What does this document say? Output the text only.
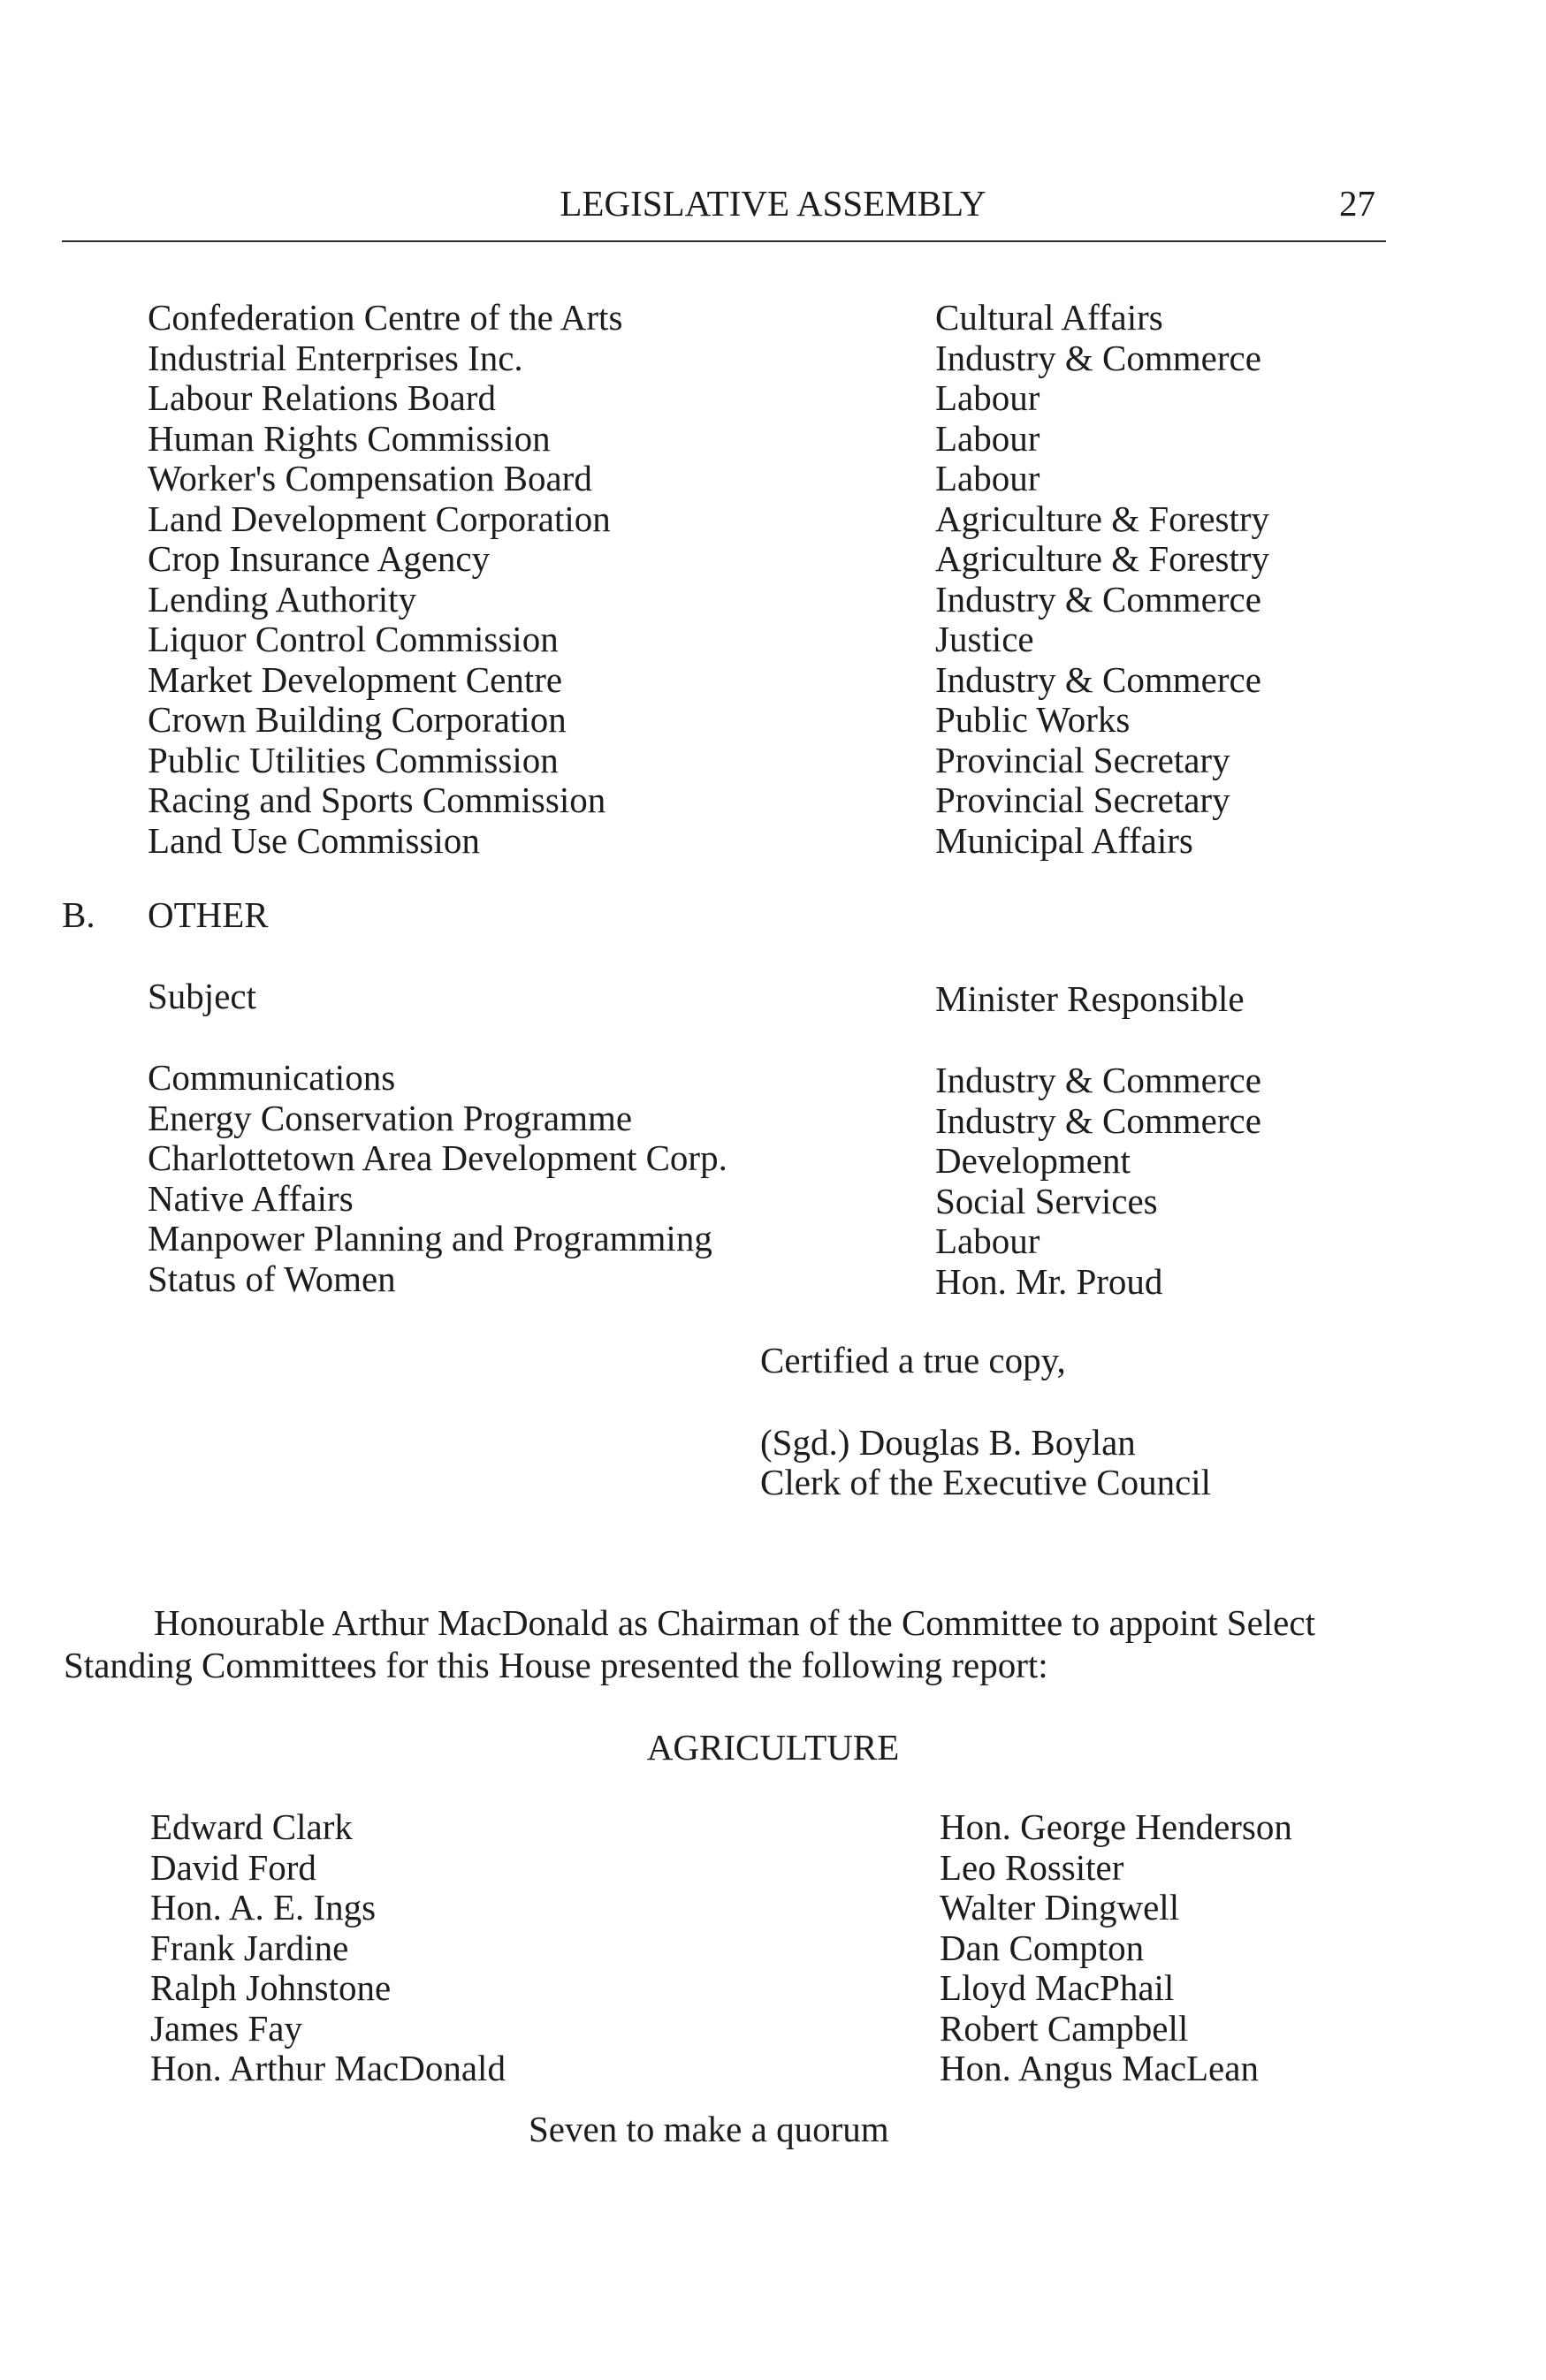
LEGISLATIVE ASSEMBLY	27
Confederation Centre of the Arts
Industrial Enterprises Inc.
Labour Relations Board
Human Rights Commission
Worker's Compensation Board
Land Development Corporation
Crop Insurance Agency
Lending Authority
Liquor Control Commission
Market Development Centre
Crown Building Corporation
Public Utilities Commission
Racing and Sports Commission
Land Use Commission
Cultural Affairs
Industry & Commerce
Labour
Labour
Labour
Agriculture & Forestry
Agriculture & Forestry
Industry & Commerce
Justice
Industry & Commerce
Public Works
Provincial Secretary
Provincial Secretary
Municipal Affairs
B. OTHER
Subject	Minister Responsible
Communications
Energy Conservation Programme
Charlottetown Area Development Corp.
Native Affairs
Manpower Planning and Programming
Status of Women
Industry & Commerce
Industry & Commerce
Development
Social Services
Labour
Hon. Mr. Proud
Certified a true copy,
(Sgd.) Douglas B. Boylan
Clerk of the Executive Council
Honourable Arthur MacDonald as Chairman of the Committee to appoint Select
Standing Committees for this House presented the following report:
AGRICULTURE
Edward Clark
David Ford
Hon. A. E. Ings
Frank Jardine
Ralph Johnstone
James Fay
Hon. Arthur MacDonald
Hon. George Henderson
Leo Rossiter
Walter Dingwell
Dan Compton
Lloyd MacPhail
Robert Campbell
Hon. Angus MacLean
Seven to make a quorum
